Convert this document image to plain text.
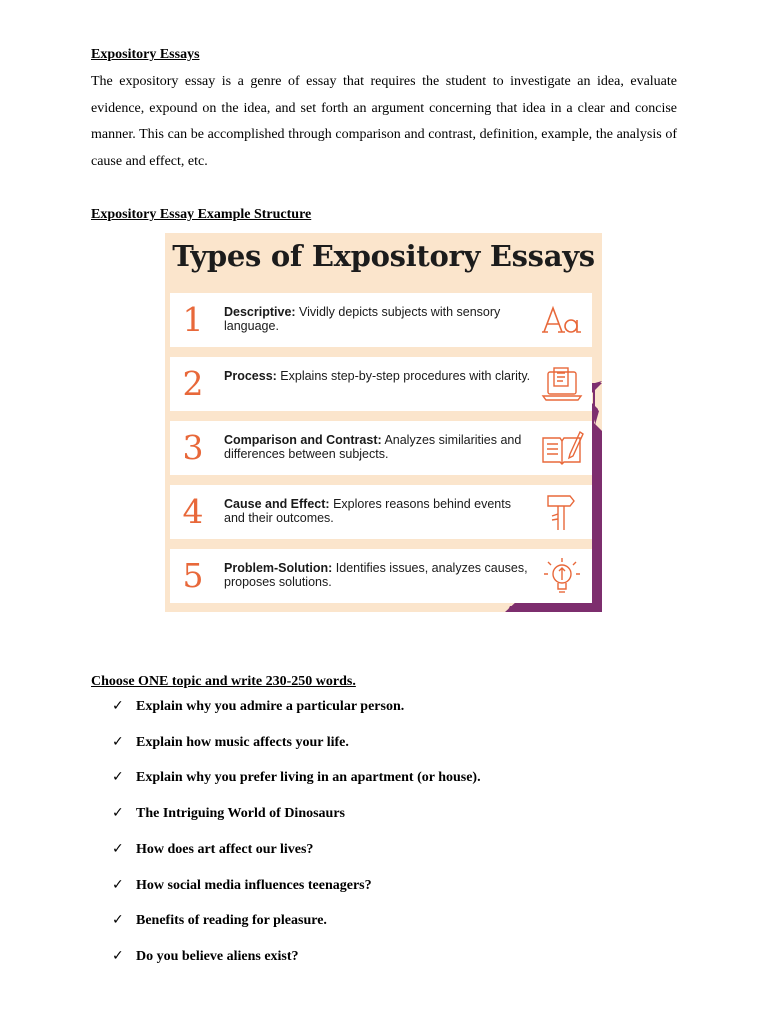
Expository Essays

The expository essay is a genre of essay that requires the student to investigate an idea, evaluate evidence, expound on the idea, and set forth an argument concerning that idea in a clear and concise manner. This can be accomplished through comparison and contrast, definition, example, the analysis of cause and effect, etc.

Expository Essay Example Structure

Types of Expository Essays

1 Descriptive: Vividly depicts subjects with sensory language.
2 Process: Explains step-by-step procedures with clarity.
3 Comparison and Contrast: Analyzes similarities and differences between subjects.
4 Cause and Effect: Explores reasons behind events and their outcomes.
5 Problem-Solution: Identifies issues, analyzes causes, proposes solutions.

Choose ONE topic and write 230-250 words.

✓ Explain why you admire a particular person.
✓ Explain how music affects your life.
✓ Explain why you prefer living in an apartment (or house).
✓ The Intriguing World of Dinosaurs
✓ How does art affect our lives?
✓ How social media influences teenagers?
✓ Benefits of reading for pleasure.
✓ Do you believe aliens exist?
